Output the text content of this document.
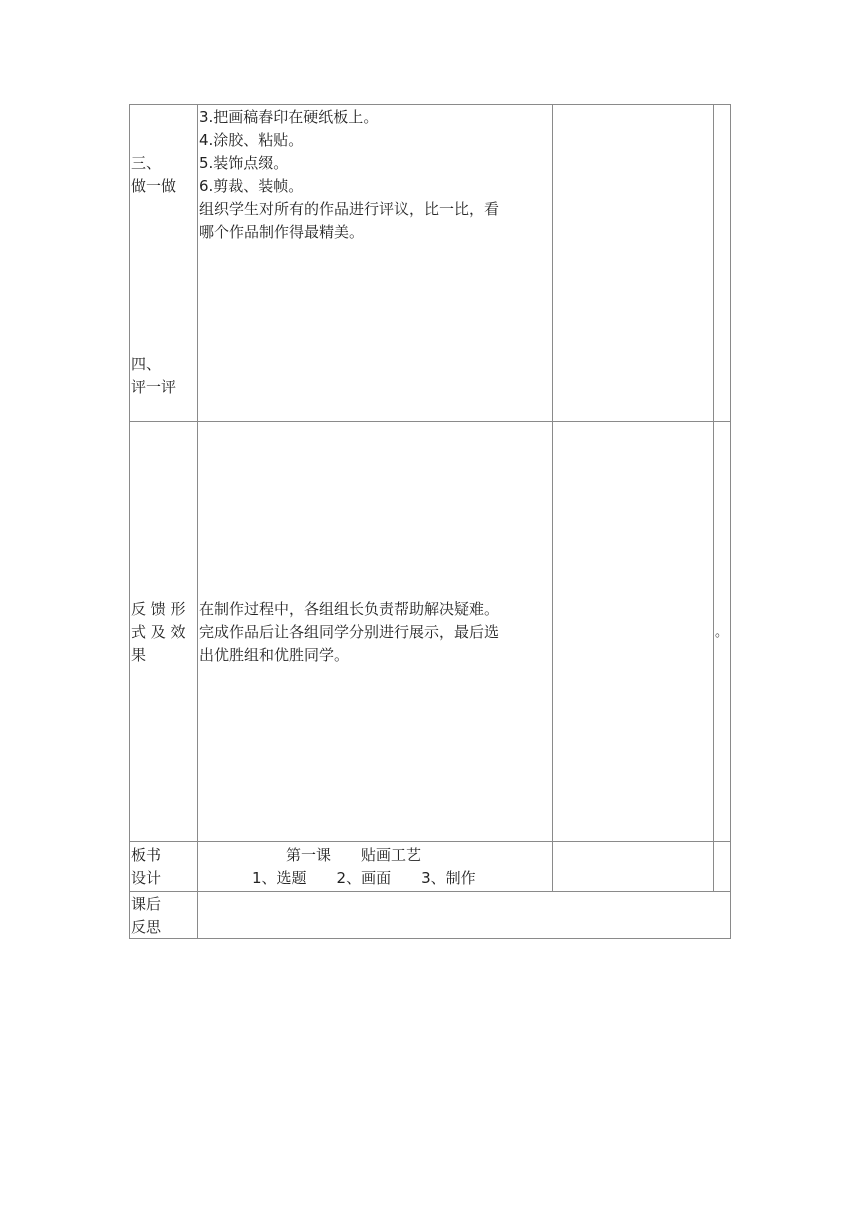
三、
做一做
3.把画稿舂印在硬纸板上。
4.涂胶、粘贴。
5.装饰点缀。
6.剪裁、装帧。
组织学生对所有的作品进行评议，比一比，看
哪个作品制作得最精美。
四、
评一评
反 馈 形
式 及 效
果
在制作过程中，各组组长负责帮助解决疑难。
完成作品后让各组同学分别进行展示，最后选
出优胜组和优胜同学。
。
板书
设计
第一课　　贴画工艺
1、选题　　2、画面　　3、制作
课后
反思
